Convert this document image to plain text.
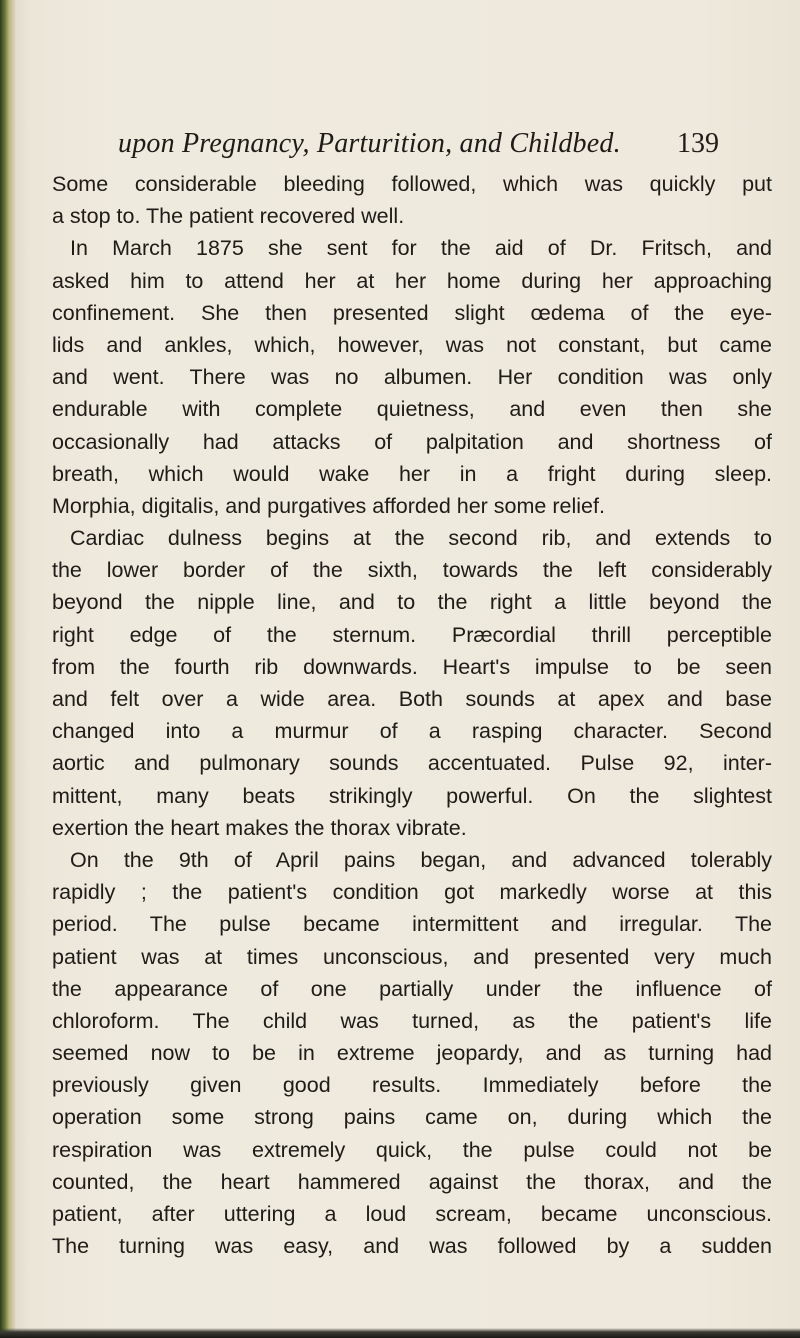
upon Pregnancy, Parturition, and Childbed.	139
Some considerable bleeding followed, which was quickly put
a stop to. The patient recovered well.
In March 1875 she sent for the aid of Dr. Fritsch, and
asked him to attend her at her home during her approaching
confinement. She then presented slight œdema of the eye-
lids and ankles, which, however, was not constant, but came
and went. There was no albumen. Her condition was only
endurable with complete quietness, and even then she
occasionally had attacks of palpitation and shortness of
breath, which would wake her in a fright during sleep.
Morphia, digitalis, and purgatives afforded her some relief.
Cardiac dulness begins at the second rib, and extends to
the lower border of the sixth, towards the left considerably
beyond the nipple line, and to the right a little beyond the
right edge of the sternum. Præcordial thrill perceptible
from the fourth rib downwards. Heart's impulse to be seen
and felt over a wide area. Both sounds at apex and base
changed into a murmur of a rasping character. Second
aortic and pulmonary sounds accentuated. Pulse 92, inter-
mittent, many beats strikingly powerful. On the slightest
exertion the heart makes the thorax vibrate.
On the 9th of April pains began, and advanced tolerably
rapidly ; the patient's condition got markedly worse at this
period. The pulse became intermittent and irregular. The
patient was at times unconscious, and presented very much
the appearance of one partially under the influence of
chloroform. The child was turned, as the patient's life
seemed now to be in extreme jeopardy, and as turning had
previously given good results. Immediately before the
operation some strong pains came on, during which the
respiration was extremely quick, the pulse could not be
counted, the heart hammered against the thorax, and the
patient, after uttering a loud scream, became unconscious.
The turning was easy, and was followed by a sudden
